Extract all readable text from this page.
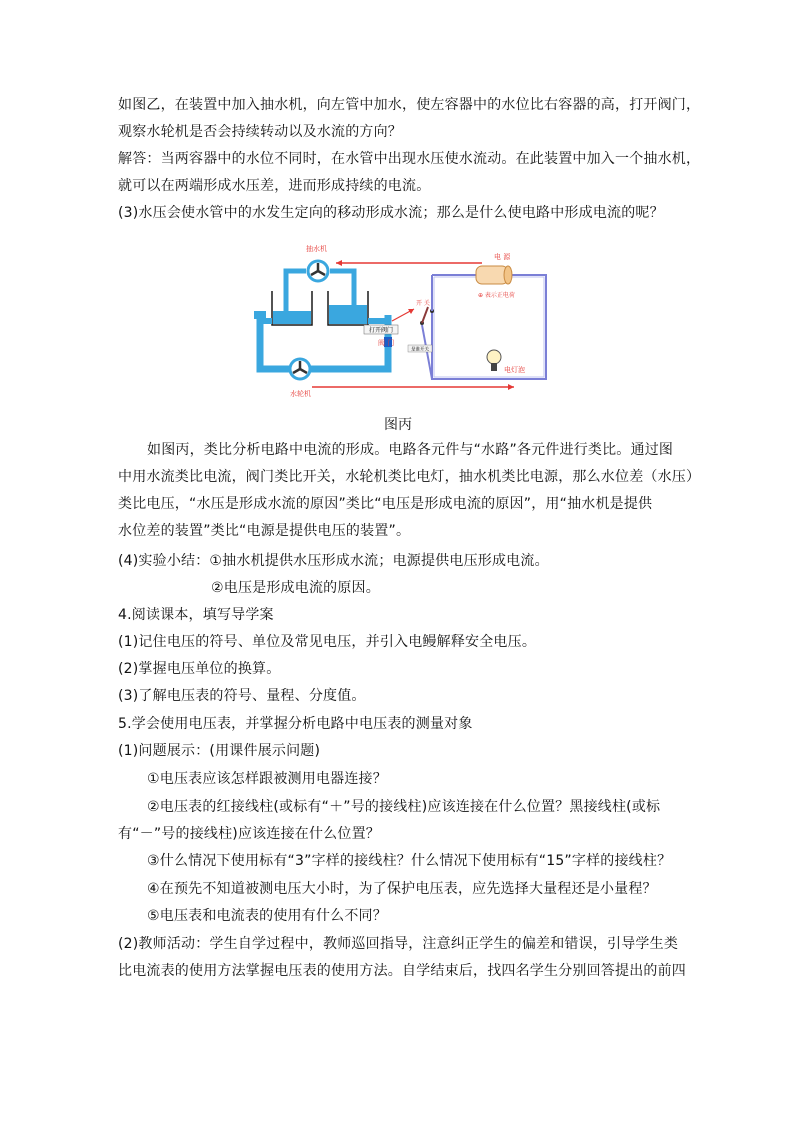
如图乙，在装置中加入抽水机，向左管中加水，使左容器中的水位比右容器的高，打开阀门，
观察水轮机是否会持续转动以及水流的方向？
解答：当两容器中的水位不同时，在水管中出现水压使水流动。在此装置中加入一个抽水机，
就可以在两端形成水压差，进而形成持续的电流。
(3)水压会使水管中的水发生定向的移动形成水流；那么是什么使电路中形成电流的呢？
打开阀门
阀 门
电 源
⊕ 表示正电荷
开 关
是谁开关
电灯泡
抽水机
水轮机
图丙
如图丙，类比分析电路中电流的形成。电路各元件与“水路”各元件进行类比。通过图
中用水流类比电流，阀门类比开关，水轮机类比电灯，抽水机类比电源，那么水位差（水压）
类比电压，“水压是形成水流的原因”类比“电压是形成电流的原因”，用“抽水机是提供
水位差的装置”类比“电源是提供电压的装置”。
(4)实验小结：①抽水机提供水压形成水流；电源提供电压形成电流。
②电压是形成电流的原因。
4.阅读课本，填写导学案
(1)记住电压的符号、单位及常见电压，并引入电鳗解释安全电压。
(2)掌握电压单位的换算。
(3)了解电压表的符号、量程、分度值。
5.学会使用电压表，并掌握分析电路中电压表的测量对象
(1)问题展示：(用课件展示问题)
①电压表应该怎样跟被测用电器连接？
②电压表的红接线柱(或标有“＋”号的接线柱)应该连接在什么位置？黑接线柱(或标
有“－”号的接线柱)应该连接在什么位置？
③什么情况下使用标有“3”字样的接线柱？什么情况下使用标有“15”字样的接线柱？
④在预先不知道被测电压大小时，为了保护电压表，应先选择大量程还是小量程？
⑤电压表和电流表的使用有什么不同？
(2)教师活动：学生自学过程中，教师巡回指导，注意纠正学生的偏差和错误，引导学生类
比电流表的使用方法掌握电压表的使用方法。自学结束后，找四名学生分别回答提出的前四
